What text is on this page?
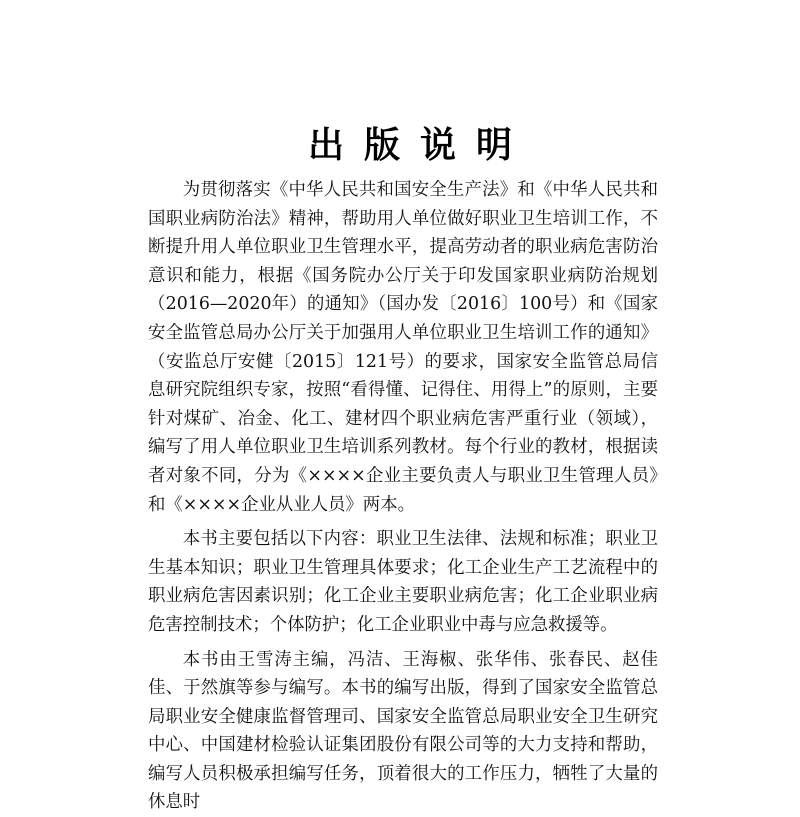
出版说明

为贯彻落实《中华人民共和国安全生产法》和《中华人民共和国职业病防治法》精神，帮助用人单位做好职业卫生培训工作，不断提升用人单位职业卫生管理水平，提高劳动者的职业病危害防治意识和能力，根据《国务院办公厅关于印发国家职业病防治规划（2016—2020年）的通知》（国办发〔2016〕100号）和《国家安全监管总局办公厅关于加强用人单位职业卫生培训工作的通知》（安监总厅安健〔2015〕121号）的要求，国家安全监管总局信息研究院组织专家，按照“看得懂、记得住、用得上”的原则，主要针对煤矿、冶金、化工、建材四个职业病危害严重行业（领域），编写了用人单位职业卫生培训系列教材。每个行业的教材，根据读者对象不同，分为《××××企业主要负责人与职业卫生管理人员》和《××××企业从业人员》两本。

本书主要包括以下内容：职业卫生法律、法规和标准；职业卫生基本知识；职业卫生管理具体要求；化工企业生产工艺流程中的职业病危害因素识别；化工企业主要职业病危害；化工企业职业病危害控制技术；个体防护；化工企业职业中毒与应急救援等。

本书由王雪涛主编，冯洁、王海椒、张华伟、张春民、赵佳佳、于然旗等参与编写。本书的编写出版，得到了国家安全监管总局职业安全健康监督管理司、国家安全监管总局职业安全卫生研究中心、中国建材检验认证集团股份有限公司等的大力支持和帮助，编写人员积极承担编写任务，顶着很大的工作压力，牺牲了大量的休息时
